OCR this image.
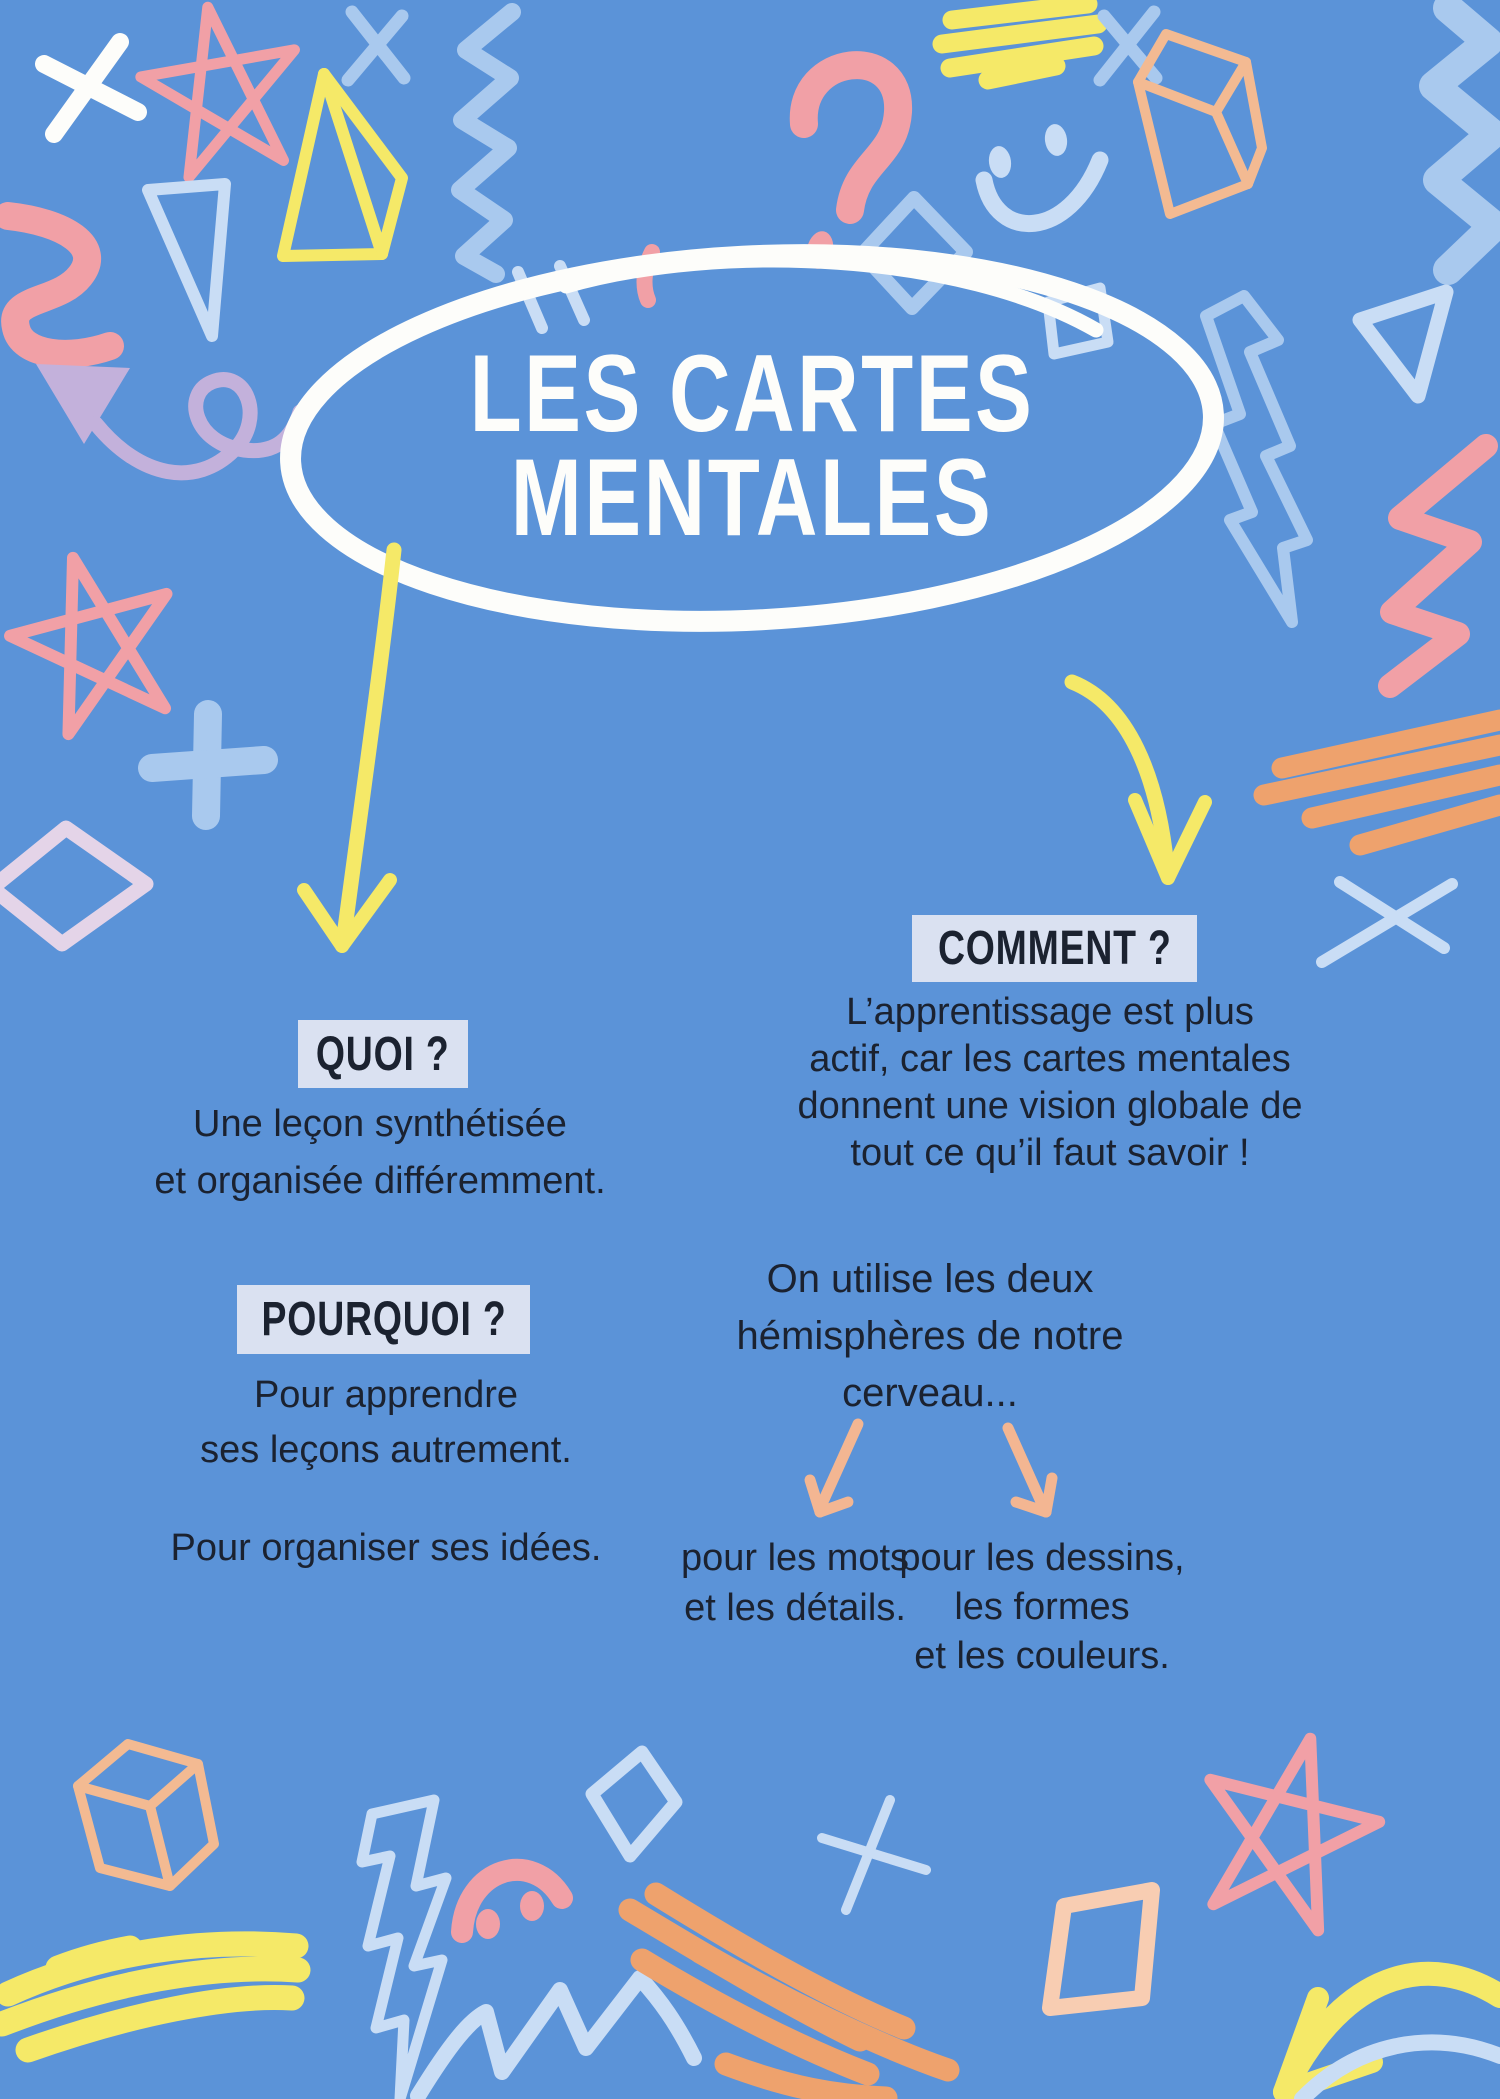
LES CARTES
MENTALES
QUOI ?
POURQUOI ?
COMMENT ?
Une leçon synthétisée
et organisée différemment.
Pour apprendre
ses leçons autrement.
Pour organiser ses idées.
L’apprentissage est plus
actif, car les cartes mentales
donnent une vision globale de
tout ce qu’il faut savoir !
On utilise les deux
hémisphères de notre
cerveau...
pour les mots
et les détails.
pour les dessins,
les formes
et les couleurs.
